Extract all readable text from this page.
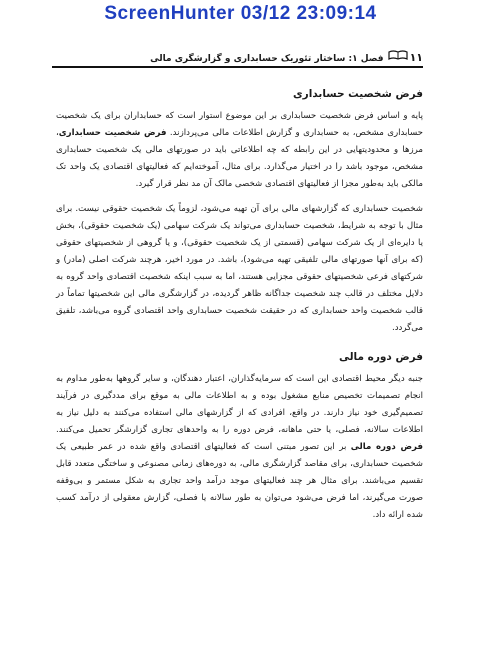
ScreenHunter 03/12 23:09:14
۱۱
فصل ۱: ساختار تئوریک حسابداری و گزارشگری مالی
فرض شخصیت حسابداری

پایه و اساس فرض شخصیت حسابداری بر این موضوع استوار است که حسابداران برای یک شخصیت حسابداری مشخص، به حسابداری و گزارش اطلاعات مالی می‌پردازند. فرض شخصیت حسابداری، مرزها و محدودیتهایی در این رابطه که چه اطلاعاتی باید در صورتهای مالی یک شخصیت حسابداری مشخص، موجود باشد را در اختیار می‌گذارد. برای مثال، آموخته‌ایم که فعالیتهای اقتصادی یک واحد تک مالکی باید به‌طور مجزا از فعالیتهای اقتصادی شخصی مالک آن مد نظر قرار گیرد.

شخصیت حسابداری که گزارشهای مالی برای آن تهیه می‌شود، لزوماً یک شخصیت حقوقی نیست. برای مثال با توجه به شرایط، شخصیت حسابداری می‌تواند یک شرکت سهامی (یک شخصیت حقوقی)، بخش یا دایره‌ای از یک شرکت سهامی (قسمتی از یک شخصیت حقوقی)، و یا گروهی از شخصیتهای حقوقی (که برای آنها صورتهای مالی تلفیقی تهیه می‌شود)، باشد. در مورد اخیر، هرچند شرکت اصلی (مادر) و شرکتهای فرعی شخصیتهای حقوقی مجزایی هستند، اما به سبب اینکه شخصیت اقتصادی واحد گروه به دلایل مختلف در قالب چند شخصیت جداگانه ظاهر گردیده، در گزارشگری مالی این شخصیتها تماماً در قالب شخصیت واحد حسابداری که در حقیقت شخصیت حسابداری واحد اقتصادی گروه می‌باشد، تلفیق می‌گردد.

فرض دوره مالی

جنبه دیگر محیط اقتصادی این است که سرمایه‌گذاران، اعتبار دهندگان، و سایر گروهها به‌طور مداوم به انجام تصمیمات تخصیص منابع مشغول بوده و به اطلاعات مالی به موقع برای مددگیری در فرآیند تصمیم‌گیری خود نیاز دارند. در واقع، افرادی که از گزارشهای مالی استفاده می‌کنند به دلیل نیاز به اطلاعات سالانه، فصلی، یا حتی ماهانه، فرض دوره را به واحدهای تجاری گزارشگر تحمیل می‌کنند. فرض دوره مالی بر این تصور مبتنی است که فعالیتهای اقتصادی واقع شده در عمر طبیعی یک شخصیت حسابداری، برای مقاصد گزارشگری مالی، به دوره‌های زمانی مصنوعی و ساختگی متعدد قابل تقسیم می‌باشند. برای مثال هر چند فعالیتهای موجد درآمد واحد تجاری به شکل مستمر و بی‌وقفه صورت می‌گیرند، اما فرض می‌شود می‌توان به طور سالانه یا فصلی، گزارش معقولی از درآمد کسب شده ارائه داد.
